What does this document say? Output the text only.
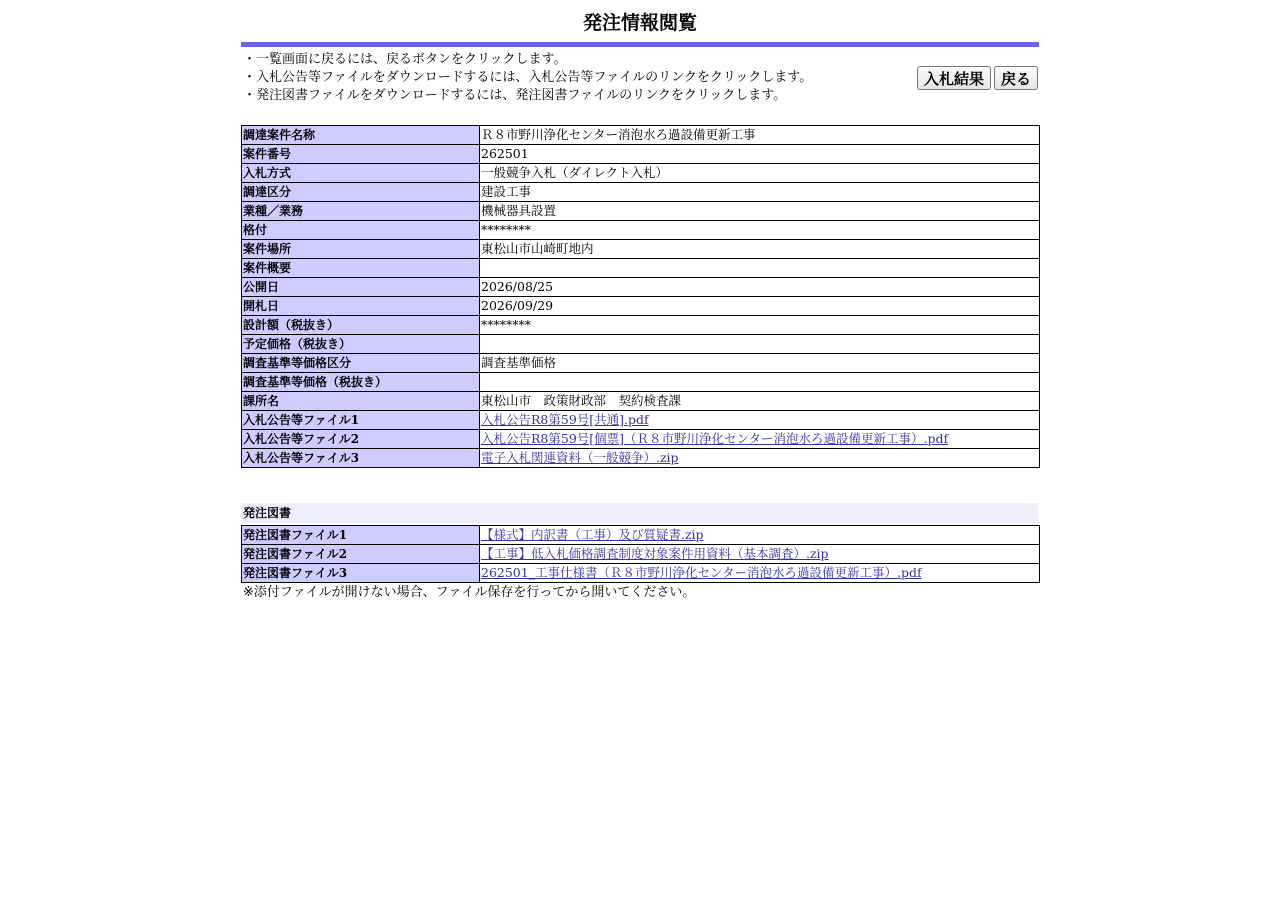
発注情報閲覧
・一覧画面に戻るには、戻るボタンをクリックします。
・入札公告等ファイルをダウンロードするには、入札公告等ファイルのリンクをクリックします。
・発注図書ファイルをダウンロードするには、発注図書ファイルのリンクをクリックします。
入札結果	戻る
調達案件名称	Ｒ８市野川浄化センター消泡水ろ過設備更新工事
案件番号	262501
入札方式	一般競争入札（ダイレクト入札）
調達区分	建設工事
業種／業務	機械器具設置
格付	********
案件場所	東松山市山崎町地内
案件概要	
公開日	2026/08/25
開札日	2026/09/29
設計額（税抜き）	********
予定価格（税抜き）	
調査基準等価格区分	調査基準価格
調査基準等価格（税抜き）	
課所名	東松山市　政策財政部　契約検査課
入札公告等ファイル1	入札公告R8第59号[共通].pdf
入札公告等ファイル2	入札公告R8第59号[個票]（Ｒ８市野川浄化センター消泡水ろ過設備更新工事）.pdf
入札公告等ファイル3	電子入札関連資料（一般競争）.zip
発注図書
発注図書ファイル1	【様式】内訳書（工事）及び質疑書.zip
発注図書ファイル2	【工事】低入札価格調査制度対象案件用資料（基本調査）.zip
発注図書ファイル3	262501_工事仕様書（Ｒ８市野川浄化センター消泡水ろ過設備更新工事）.pdf
※添付ファイルが開けない場合、ファイル保存を行ってから開いてください。
